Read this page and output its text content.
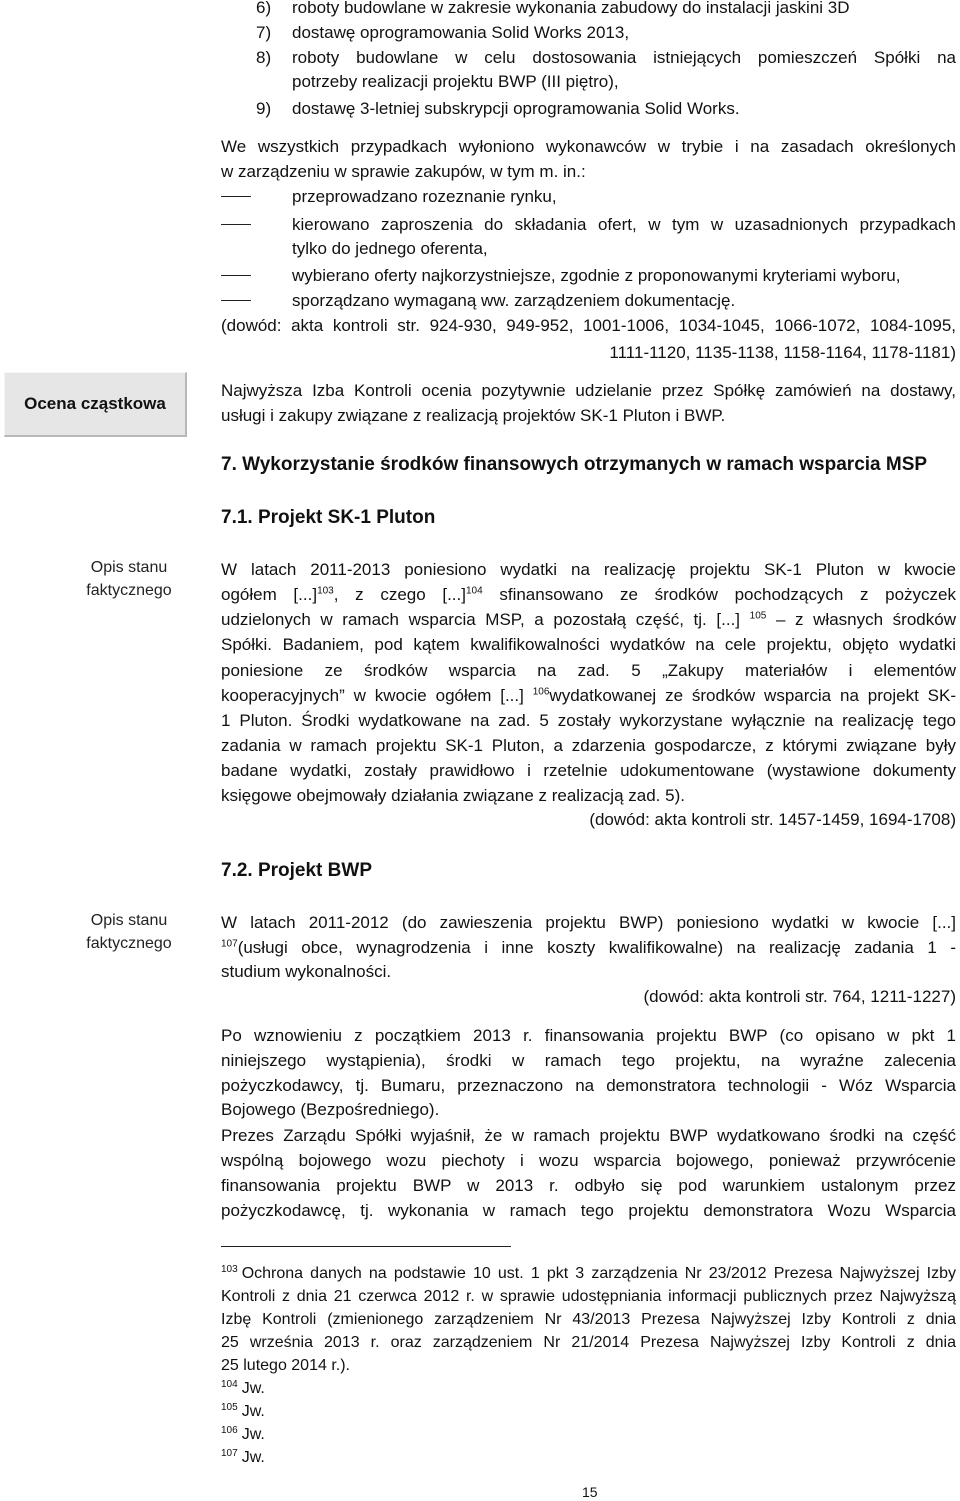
6) roboty budowlane w zakresie wykonania zabudowy do instalacji jaskini 3D
7) dostawę oprogramowania Solid Works 2013,
8) roboty budowlane w celu dostosowania istniejących pomieszczeń Spółki na
potrzeby realizacji projektu BWP (III piętro),
9) dostawę 3-letniej subskrypcji oprogramowania Solid Works.
We wszystkich przypadkach wyłoniono wykonawców w trybie i na zasadach określonych
w zarządzeniu w sprawie zakupów, w tym m. in.:
przeprowadzano rozeznanie rynku,
kierowano zaproszenia do składania ofert, w tym w uzasadnionych przypadkach
tylko do jednego oferenta,
wybierano oferty najkorzystniejsze, zgodnie z proponowanymi kryteriami wyboru,
sporządzano wymaganą ww. zarządzeniem dokumentację.
(dowód: akta kontroli str. 924-930, 949-952, 1001-1006, 1034-1045, 1066-1072, 1084-1095,
1111-1120, 1135-1138, 1158-1164, 1178-1181)
Ocena cząstkowa
Najwyższa Izba Kontroli ocenia pozytywnie udzielanie przez Spółkę zamówień na dostawy,
usługi i zakupy związane z realizacją projektów SK-1 Pluton i BWP.
7. Wykorzystanie środków finansowych otrzymanych w ramach wsparcia MSP
7.1. Projekt SK-1 Pluton
Opis stanu
faktycznego
W latach 2011-2013 poniesiono wydatki na realizację projektu SK-1 Pluton w kwocie
ogółem [...]$^{103}$, z czego [...]$^{104}$ sfinansowano ze środków pochodzących z pożyczek
udzielonych w ramach wsparcia MSP, a pozostałą część, tj. [...] $^{105}$ – z własnych środków
Spółki. Badaniem, pod kątem kwalifikowalności wydatków na cele projektu, objęto wydatki
poniesione ze środków wsparcia na zad. 5 „Zakupy materiałów i elementów
kooperacyjnych” w kwocie ogółem [...] $^{106}$wydatkowanej ze środków wsparcia na projekt SK-
1 Pluton. Środki wydatkowane na zad. 5 zostały wykorzystane wyłącznie na realizację tego
zadania w ramach projektu SK-1 Pluton, a zdarzenia gospodarcze, z którymi związane były
badane wydatki, zostały prawidłowo i rzetelnie udokumentowane (wystawione dokumenty
księgowe obejmowały działania związane z realizacją zad. 5).
(dowód: akta kontroli str. 1457-1459, 1694-1708)
7.2. Projekt BWP
Opis stanu
faktycznego
W latach 2011-2012 (do zawieszenia projektu BWP) poniesiono wydatki w kwocie [...]
$^{107}$(usługi obce, wynagrodzenia i inne koszty kwalifikowalne) na realizację zadania 1 -
studium wykonalności.
(dowód: akta kontroli str. 764, 1211-1227)
Po wznowieniu z początkiem 2013 r. finansowania projektu BWP (co opisano w pkt 1
niniejszego wystąpienia), środki w ramach tego projektu, na wyraźne zalecenia
pożyczkodawcy, tj. Bumaru, przeznaczono na demonstratora technologii - Wóz Wsparcia
Bojowego (Bezpośredniego).
Prezes Zarządu Spółki wyjaśnił, że w ramach projektu BWP wydatkowano środki na część
wspólną bojowego wozu piechoty i wozu wsparcia bojowego, ponieważ przywrócenie
finansowania projektu BWP w 2013 r. odbyło się pod warunkiem ustalonym przez
pożyczkodawcę, tj. wykonania w ramach tego projektu demonstratora Wozu Wsparcia
$^{103}$ Ochrona danych na podstawie 10 ust. 1 pkt 3 zarządzenia Nr 23/2012 Prezesa Najwyższej Izby
Kontroli z dnia 21 czerwca 2012 r. w sprawie udostępniania informacji publicznych przez Najwyższą
Izbę Kontroli (zmienionego zarządzeniem Nr 43/2013 Prezesa Najwyższej Izby Kontroli z dnia
25 września 2013 r. oraz zarządzeniem Nr 21/2014 Prezesa Najwyższej Izby Kontroli z dnia
25 lutego 2014 r.).
$^{104}$ Jw.
$^{105}$ Jw.
$^{106}$ Jw.
$^{107}$ Jw.
15
